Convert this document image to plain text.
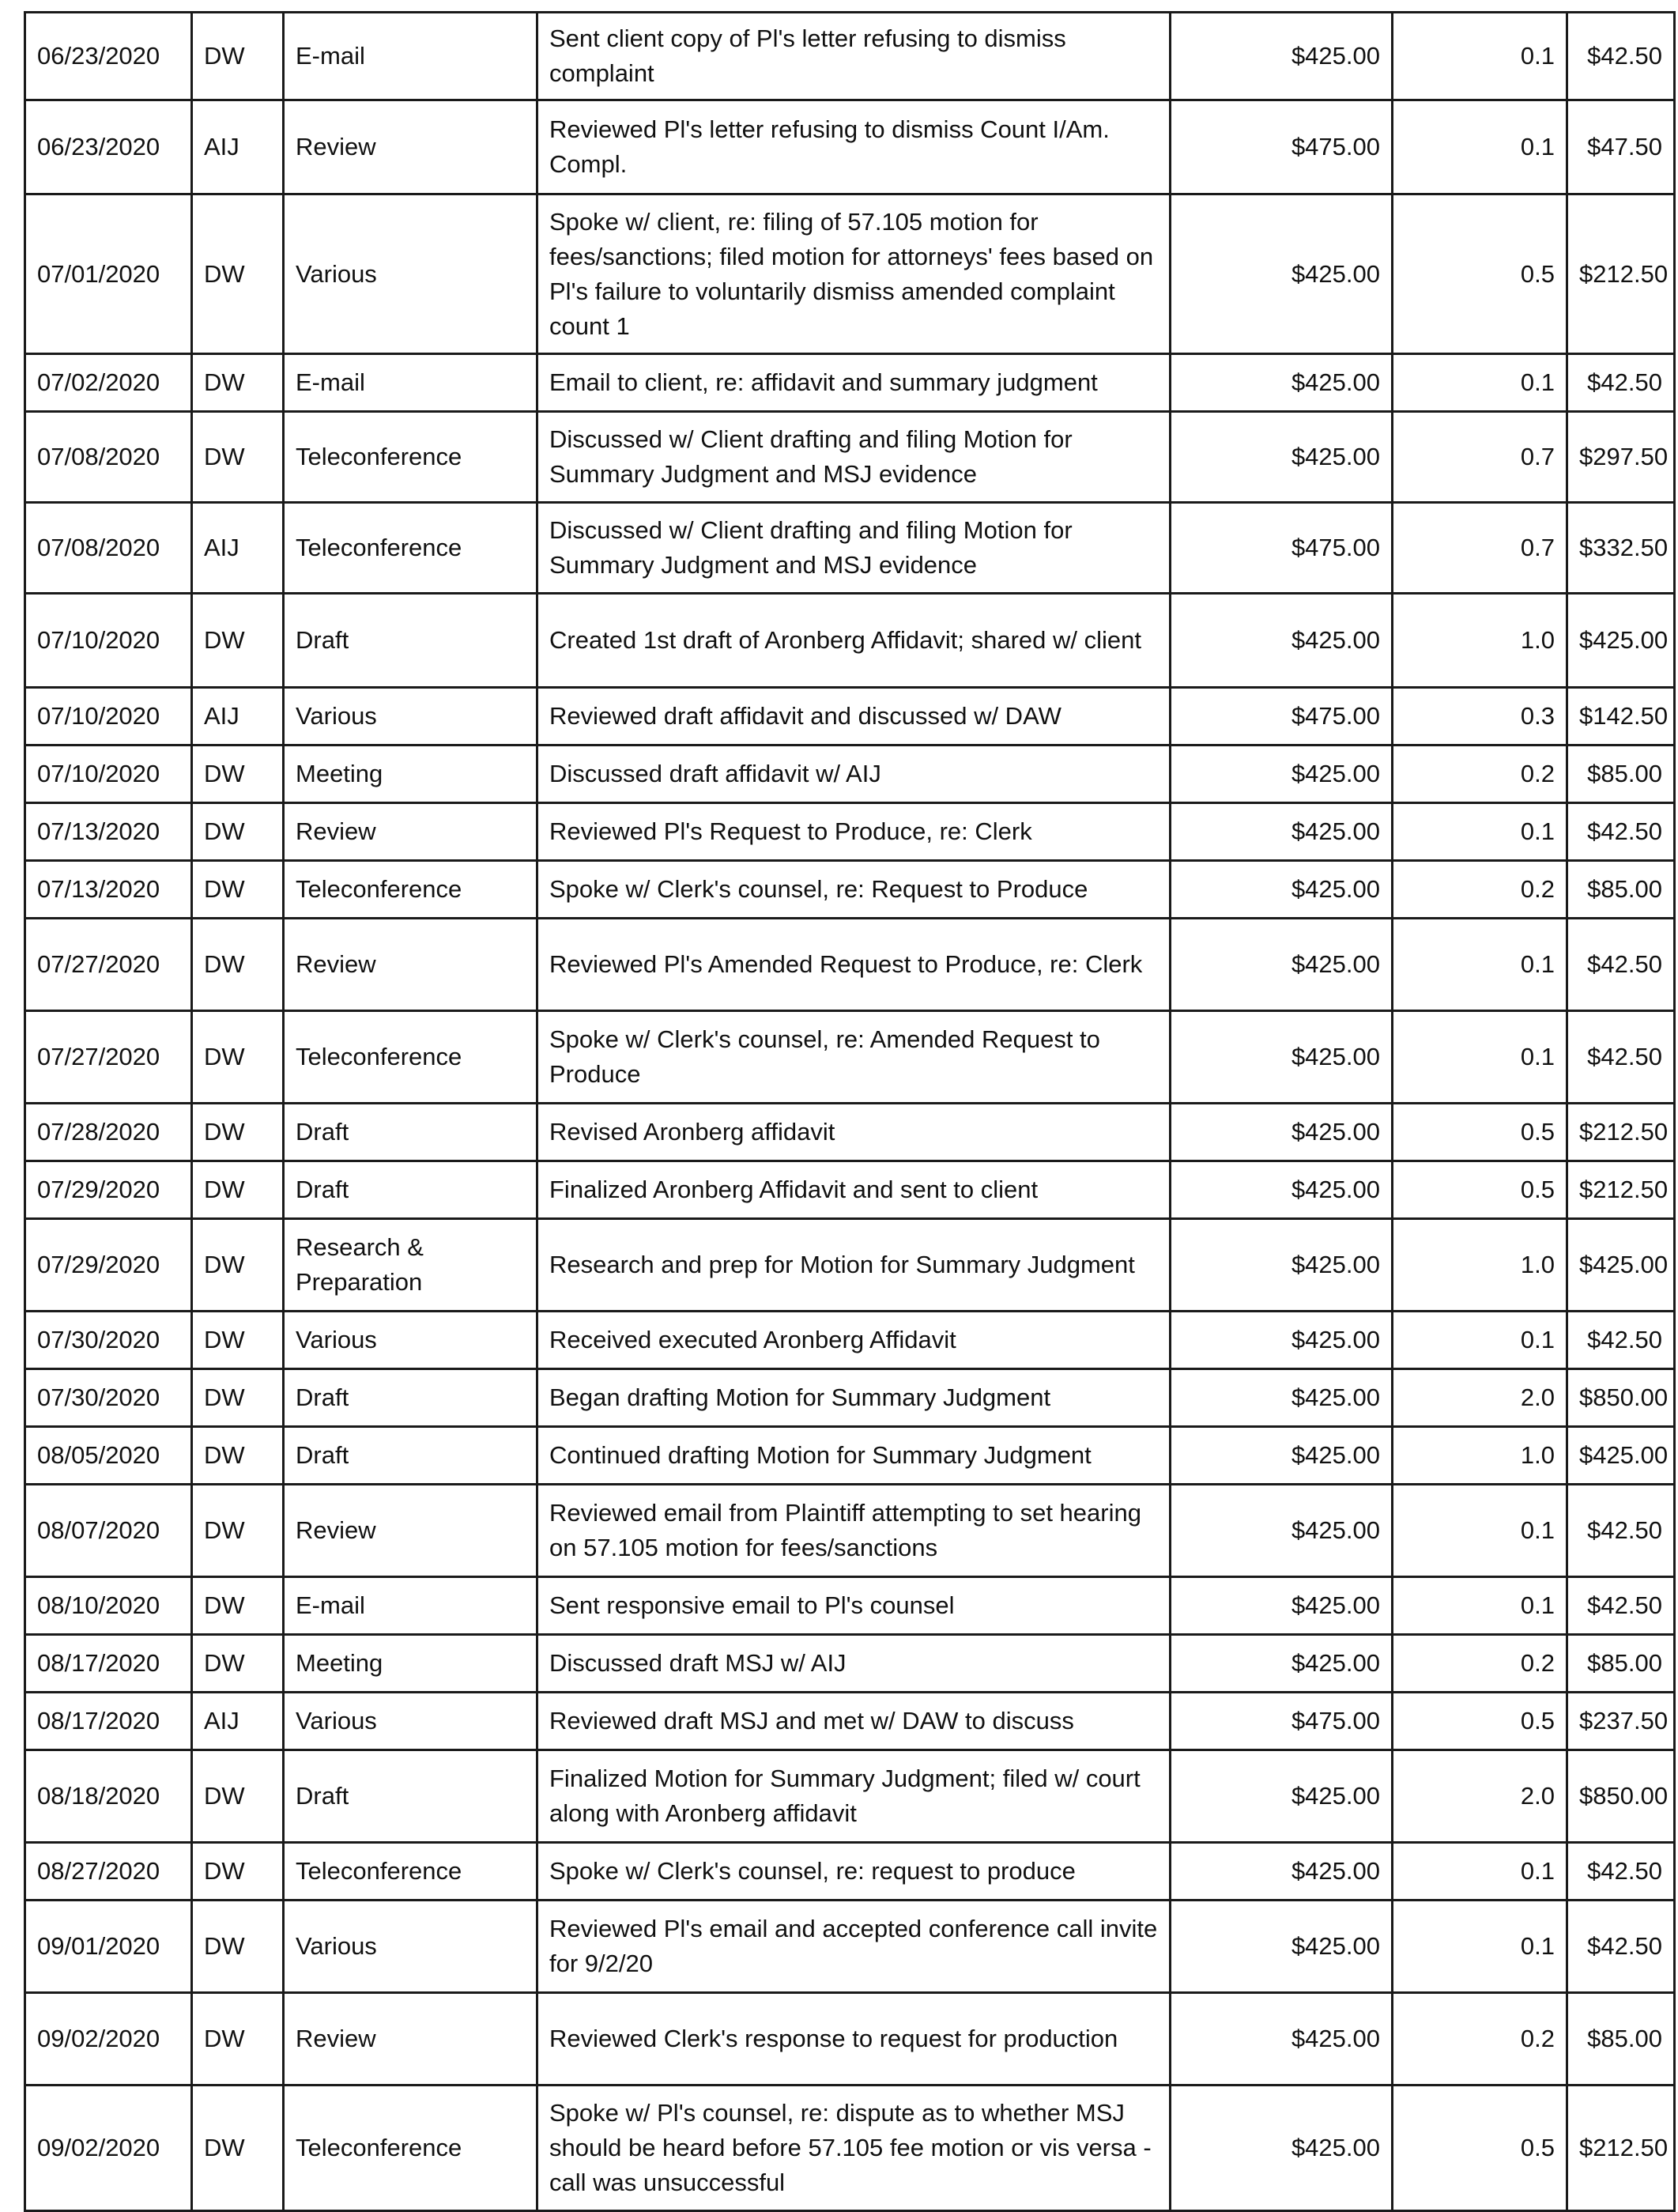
06/23/2020	DW	E-mail	Sent client copy of Pl's letter refusing to dismiss complaint	$425.00	0.1	$42.50
06/23/2020	AIJ	Review	Reviewed Pl's letter refusing to dismiss Count I/Am. Compl.	$475.00	0.1	$47.50
07/01/2020	DW	Various	Spoke w/ client, re: filing of 57.105 motion for fees/sanctions; filed motion for attorneys' fees based on Pl's failure to voluntarily dismiss amended complaint count 1	$425.00	0.5	$212.50
07/02/2020	DW	E-mail	Email to client, re: affidavit and summary judgment	$425.00	0.1	$42.50
07/08/2020	DW	Teleconference	Discussed w/ Client drafting and filing Motion for Summary Judgment and MSJ evidence	$425.00	0.7	$297.50
07/08/2020	AIJ	Teleconference	Discussed w/ Client drafting and filing Motion for Summary Judgment and MSJ evidence	$475.00	0.7	$332.50
07/10/2020	DW	Draft	Created 1st draft of Aronberg Affidavit; shared w/ client	$425.00	1.0	$425.00
07/10/2020	AIJ	Various	Reviewed draft affidavit and discussed w/ DAW	$475.00	0.3	$142.50
07/10/2020	DW	Meeting	Discussed draft affidavit w/ AIJ	$425.00	0.2	$85.00
07/13/2020	DW	Review	Reviewed Pl's Request to Produce, re: Clerk	$425.00	0.1	$42.50
07/13/2020	DW	Teleconference	Spoke w/ Clerk's counsel, re: Request to Produce	$425.00	0.2	$85.00
07/27/2020	DW	Review	Reviewed Pl's Amended Request to Produce, re: Clerk	$425.00	0.1	$42.50
07/27/2020	DW	Teleconference	Spoke w/ Clerk's counsel, re: Amended Request to Produce	$425.00	0.1	$42.50
07/28/2020	DW	Draft	Revised Aronberg affidavit	$425.00	0.5	$212.50
07/29/2020	DW	Draft	Finalized Aronberg Affidavit and sent to client	$425.00	0.5	$212.50
07/29/2020	DW	Research & Preparation	Research and prep for Motion for Summary Judgment	$425.00	1.0	$425.00
07/30/2020	DW	Various	Received executed Aronberg Affidavit	$425.00	0.1	$42.50
07/30/2020	DW	Draft	Began drafting Motion for Summary Judgment	$425.00	2.0	$850.00
08/05/2020	DW	Draft	Continued drafting Motion for Summary Judgment	$425.00	1.0	$425.00
08/07/2020	DW	Review	Reviewed email from Plaintiff attempting to set hearing on 57.105 motion for fees/sanctions	$425.00	0.1	$42.50
08/10/2020	DW	E-mail	Sent responsive email to Pl's counsel	$425.00	0.1	$42.50
08/17/2020	DW	Meeting	Discussed draft MSJ w/ AIJ	$425.00	0.2	$85.00
08/17/2020	AIJ	Various	Reviewed draft MSJ and met w/ DAW to discuss	$475.00	0.5	$237.50
08/18/2020	DW	Draft	Finalized Motion for Summary Judgment; filed w/ court along with Aronberg affidavit	$425.00	2.0	$850.00
08/27/2020	DW	Teleconference	Spoke w/ Clerk's counsel, re: request to produce	$425.00	0.1	$42.50
09/01/2020	DW	Various	Reviewed Pl's email and accepted conference call invite for 9/2/20	$425.00	0.1	$42.50
09/02/2020	DW	Review	Reviewed Clerk's response to request for production	$425.00	0.2	$85.00
09/02/2020	DW	Teleconference	Spoke w/ Pl's counsel, re: dispute as to whether MSJ should be heard before 57.105 fee motion or vis versa - call was unsuccessful	$425.00	0.5	$212.50
